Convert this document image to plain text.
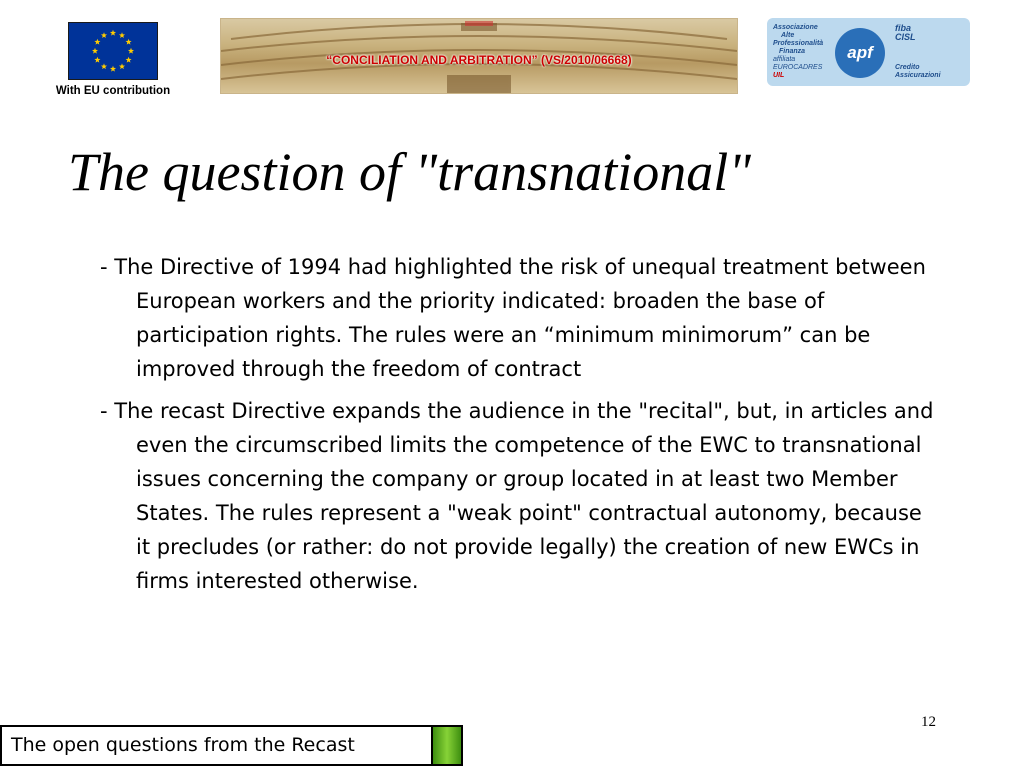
With EU contribution
“CONCILIATION AND ARBITRATION” (VS/2010/06668)
Associazione
Alte
Professionalità
Finanza
affiliata
EUROCADRES
UIL
apf
fiba
CISL
Credito
Assicurazioni
The question of "transnational"

- The Directive of 1994 had highlighted the risk of unequal treatment between European workers and the priority indicated: broaden the base of participation rights. The rules were an “minimum minimorum” can be improved through the freedom of contract

- The recast Directive expands the audience in the "recital", but, in articles and even the circumscribed limits the competence of the EWC to transnational issues concerning the company or group located in at least two Member States. The rules represent a "weak point" contractual autonomy, because it precludes (or rather: do not provide legally) the creation of new EWCs in firms interested otherwise.

12
The open questions from the Recast
